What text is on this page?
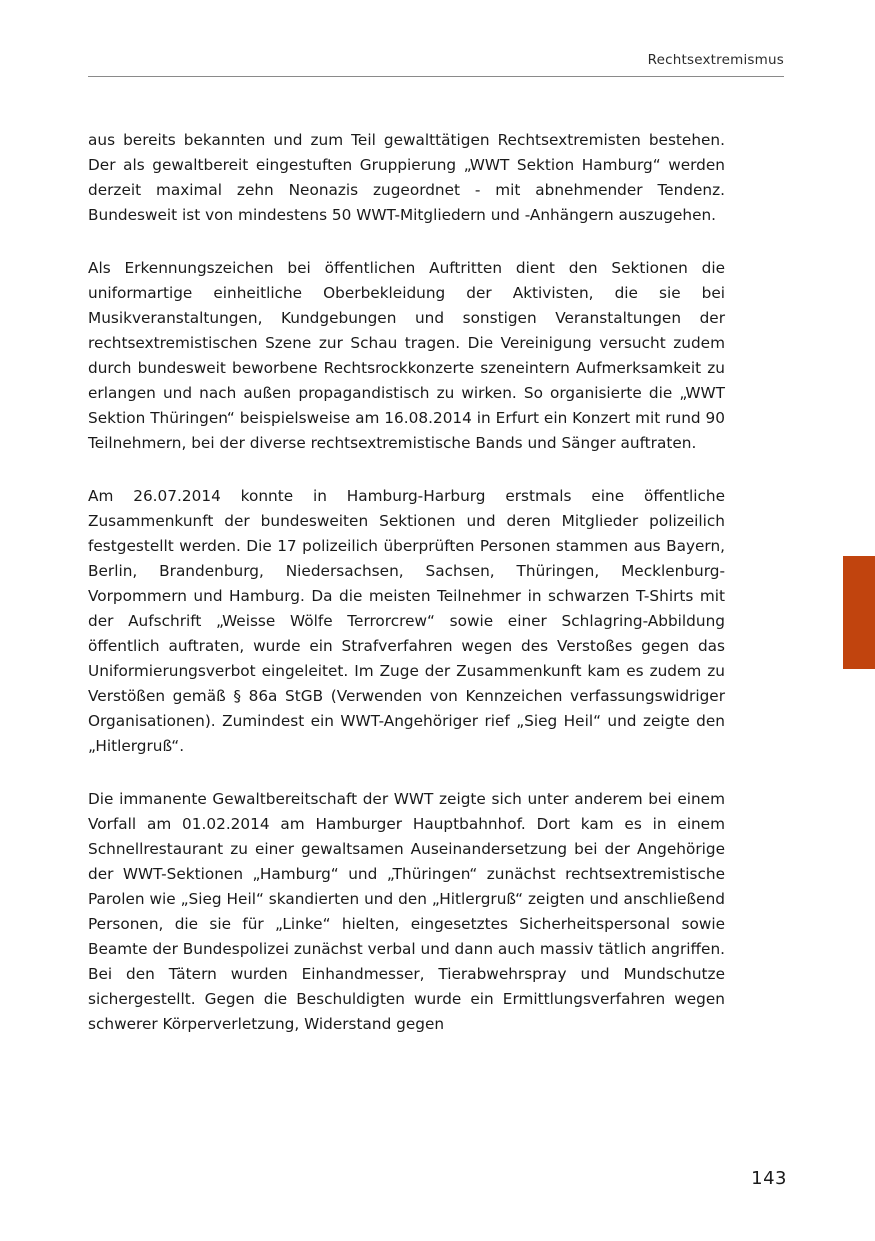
Rechtsextremismus

aus bereits bekannten und zum Teil gewalttätigen Rechtsextremisten bestehen. Der als gewaltbereit eingestuften Gruppierung „WWT Sektion Hamburg“ werden derzeit maximal zehn Neonazis zugeordnet - mit abnehmender Tendenz. Bundesweit ist von mindestens 50 WWT-Mitgliedern und -Anhängern auszugehen.

Als Erkennungszeichen bei öffentlichen Auftritten dient den Sektionen die uniformartige einheitliche Oberbekleidung der Aktivisten, die sie bei Musikveranstaltungen, Kundgebungen und sonstigen Veranstaltungen der rechtsextremistischen Szene zur Schau tragen. Die Vereinigung versucht zudem durch bundesweit beworbene Rechtsrockkonzerte szeneintern Aufmerksamkeit zu erlangen und nach außen propagandistisch zu wirken. So organisierte die „WWT Sektion Thüringen“ beispielsweise am 16.08.2014 in Erfurt ein Konzert mit rund 90 Teilnehmern, bei der diverse rechtsextremistische Bands und Sänger auftraten.

Am 26.07.2014 konnte in Hamburg-Harburg erstmals eine öffentliche Zusammenkunft der bundesweiten Sektionen und deren Mitglieder polizeilich festgestellt werden. Die 17 polizeilich überprüften Personen stammen aus Bayern, Berlin, Brandenburg, Niedersachsen, Sachsen, Thüringen, Mecklenburg-Vorpommern und Hamburg. Da die meisten Teilnehmer in schwarzen T-Shirts mit der Aufschrift „Weisse Wölfe Terrorcrew“ sowie einer Schlagring-Abbildung öffentlich auftraten, wurde ein Strafverfahren wegen des Verstoßes gegen das Uniformierungsverbot eingeleitet. Im Zuge der Zusammenkunft kam es zudem zu Verstößen gemäß § 86a StGB (Verwenden von Kennzeichen verfassungswidriger Organisationen). Zumindest ein WWT-Angehöriger rief „Sieg Heil“ und zeigte den „Hitlergruß“.

Die immanente Gewaltbereitschaft der WWT zeigte sich unter anderem bei einem Vorfall am 01.02.2014 am Hamburger Hauptbahnhof. Dort kam es in einem Schnellrestaurant zu einer gewaltsamen Auseinandersetzung bei der Angehörige der WWT-Sektionen „Hamburg“ und „Thüringen“ zunächst rechtsextremistische Parolen wie „Sieg Heil“ skandierten und den „Hitlergruß“ zeigten und anschließend Personen, die sie für „Linke“ hielten, eingesetztes Sicherheitspersonal sowie Beamte der Bundespolizei zunächst verbal und dann auch massiv tätlich angriffen. Bei den Tätern wurden Einhandmesser, Tierabwehrspray und Mundschutze sichergestellt. Gegen die Beschuldigten wurde ein Ermittlungsverfahren wegen schwerer Körperverletzung, Widerstand gegen

143
